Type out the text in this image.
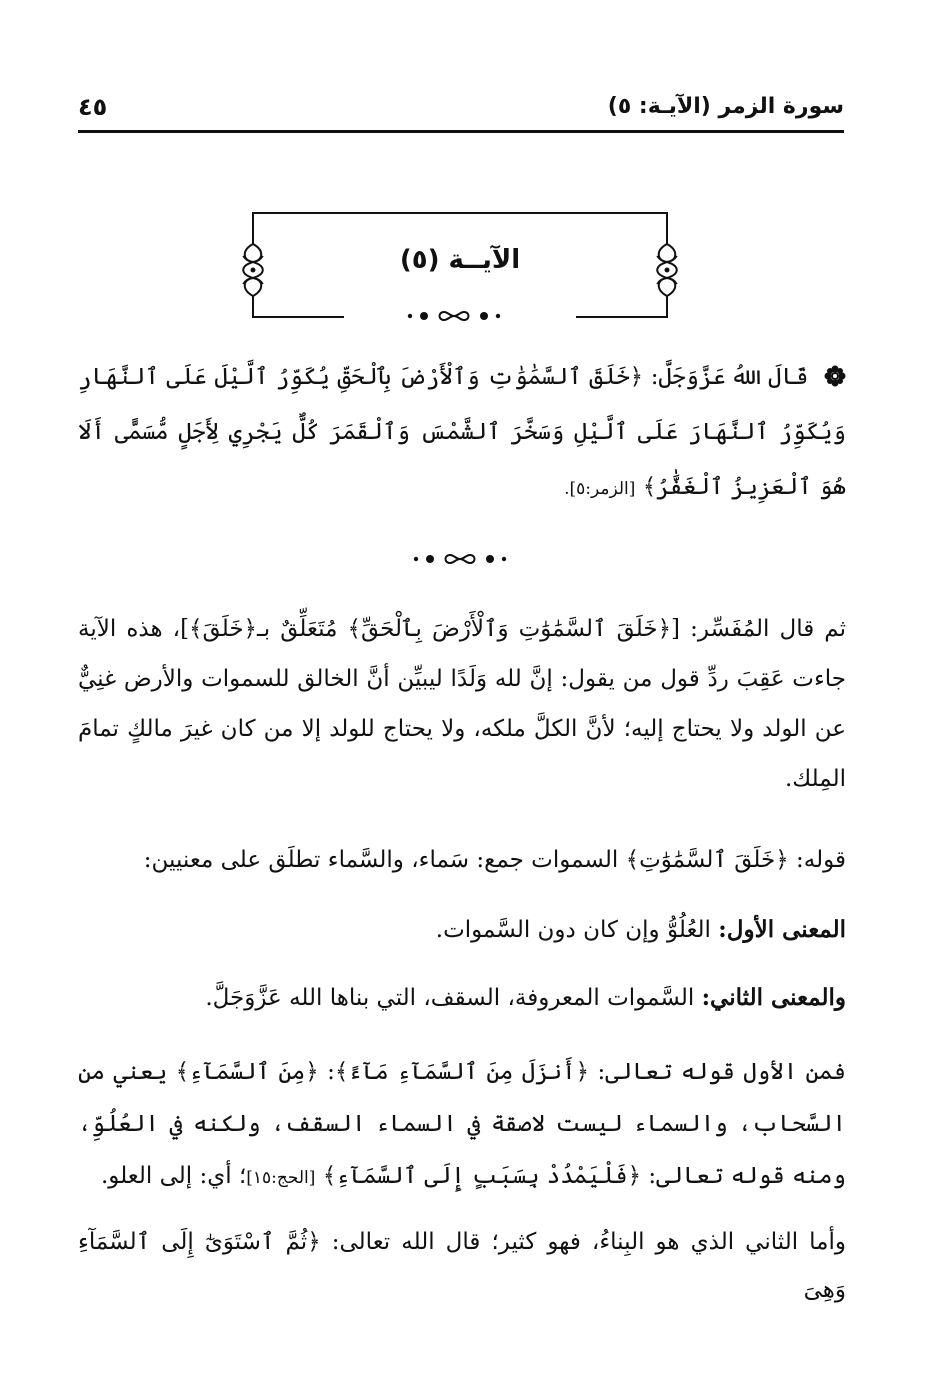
سورة الزمر (الآيـة: ٥)
٤٥
الآيــة (٥)

قَالَ اللهُ عَزَّوَجَلَّ: ﴿خَلَقَ ٱلسَّمَٰوَٰتِ وَٱلْأَرْضَ بِٱلْحَقِّ يُكَوِّرُ ٱلَّيْلَ عَلَى ٱلنَّهَارِ وَيُكَوِّرُ ٱلنَّهَارَ عَلَى ٱلَّيْلِ وَسَخَّرَ ٱلشَّمْسَ وَٱلْقَمَرَ كُلٌّ يَجْرِي لِأَجَلٍ مُّسَمًّى أَلَا هُوَ ٱلْعَزِيزُ ٱلْغَفَّٰرُ﴾ [الزمر:٥].

ثم قال المُفَسِّر: [﴿خَلَقَ ٱلسَّمَٰوَٰتِ وَٱلْأَرْضَ بِٱلْحَقِّ﴾ مُتَعَلِّقٌ بـ﴿خَلَقَ﴾]، هذه الآية جاءت عَقِبَ ردِّ قول من يقول: إنَّ لله وَلَدًا ليبيِّن أنَّ الخالق للسموات والأرض غنِيٌّ عن الولد ولا يحتاج إليه؛ لأنَّ الكلَّ ملكه، ولا يحتاج للولد إلا من كان غيرَ مالكٍ تمامَ المِلك.

قوله: ﴿خَلَقَ ٱلسَّمَٰوَٰتِ﴾ السموات جمع: سَماء، والسَّماء تطلَق على معنيين:

المعنى الأول: العُلُوُّ وإن كان دون السَّموات.

والمعنى الثاني: السَّموات المعروفة، السقف، التي بناها الله عَزَّوَجَلَّ.

فمن الأول قوله تعالى: ﴿أَنزَلَ مِنَ ٱلسَّمَآءِ مَآءً﴾: ﴿مِنَ ٱلسَّمَآءِ﴾ يعني من السَّحاب، والسماء ليست لاصقة في السماء السقف، ولكنه في العُلُوِّ، ومنه قوله تعالى: ﴿فَلْيَمْدُدْ بِسَبَبٍ إِلَى ٱلسَّمَآءِ﴾ [الحج:١٥]؛ أي: إلى العلو.

وأما الثاني الذي هو البِناءُ، فهو كثير؛ قال الله تعالى: ﴿ثُمَّ ٱسْتَوَىٰٓ إِلَى ٱلسَّمَآءِ وَهِىَ
